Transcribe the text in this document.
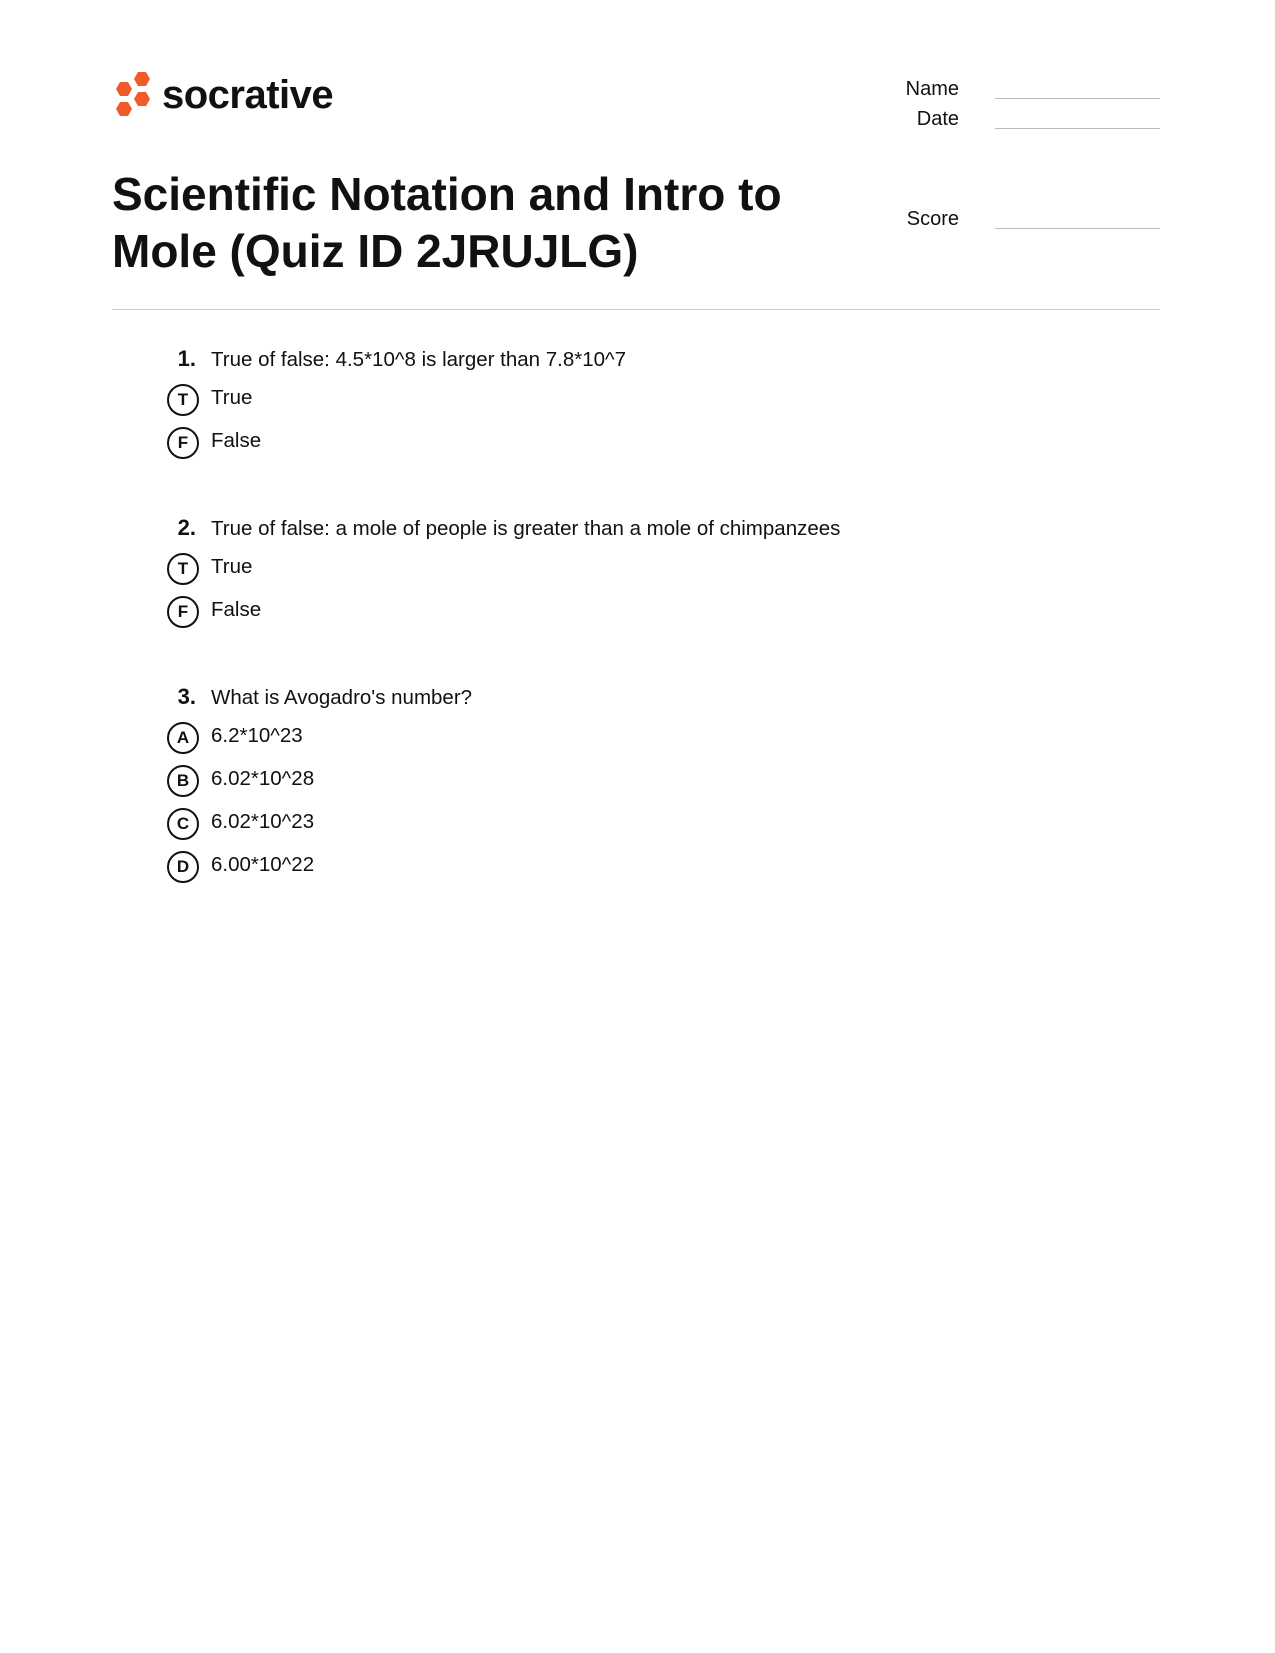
socrative
Scientific Notation and Intro to Mole (Quiz ID 2JRUJLG)
Name
Date
Score
1. True of false: 4.5*10^8 is larger than 7.8*10^7
T	True
F	False
2. True of false: a mole of people is greater than a mole of chimpanzees
T	True
F	False
3. What is Avogadro's number?
A	6.2*10^23
B	6.02*10^28
C	6.02*10^23
D	6.00*10^22
